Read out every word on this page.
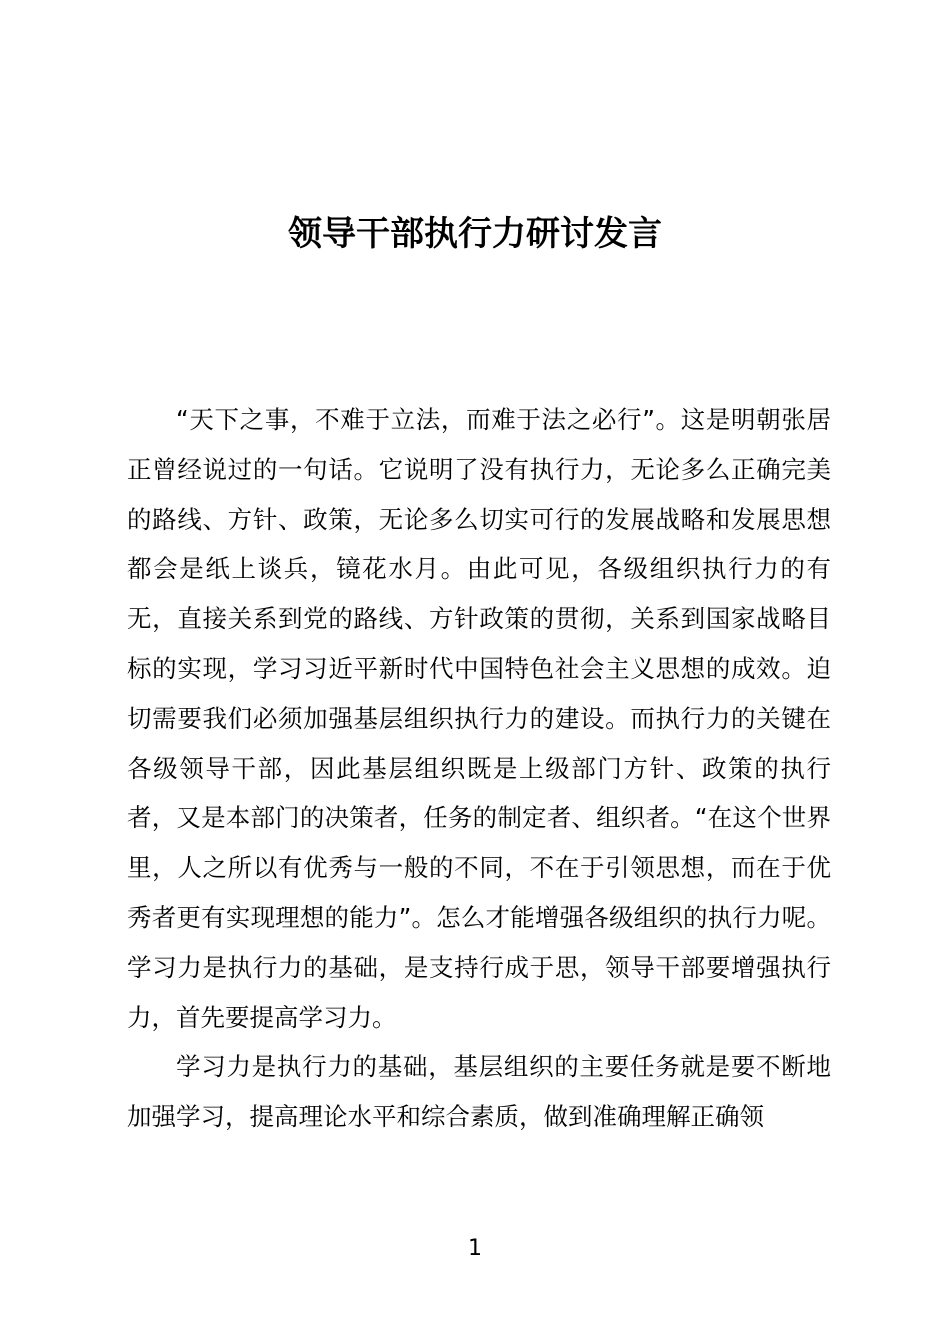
领导干部执行力研讨发言

“天下之事，不难于立法，而难于法之必行”。这是明朝张居正曾经说过的一句话。它说明了没有执行力，无论多么正确完美的路线、方针、政策，无论多么切实可行的发展战略和发展思想都会是纸上谈兵，镜花水月。由此可见，各级组织执行力的有无，直接关系到党的路线、方针政策的贯彻，关系到国家战略目标的实现，学习习近平新时代中国特色社会主义思想的成效。迫切需要我们必须加强基层组织执行力的建设。而执行力的关键在各级领导干部，因此基层组织既是上级部门方针、政策的执行者，又是本部门的决策者，任务的制定者、组织者。“在这个世界里，人之所以有优秀与一般的不同，不在于引领思想，而在于优秀者更有实现理想的能力”。怎么才能增强各级组织的执行力呢。学习力是执行力的基础，是支持行成于思，领导干部要增强执行力，首先要提高学习力。

学习力是执行力的基础，基层组织的主要任务就是要不断地加强学习，提高理论水平和综合素质，做到准确理解正确领

1
